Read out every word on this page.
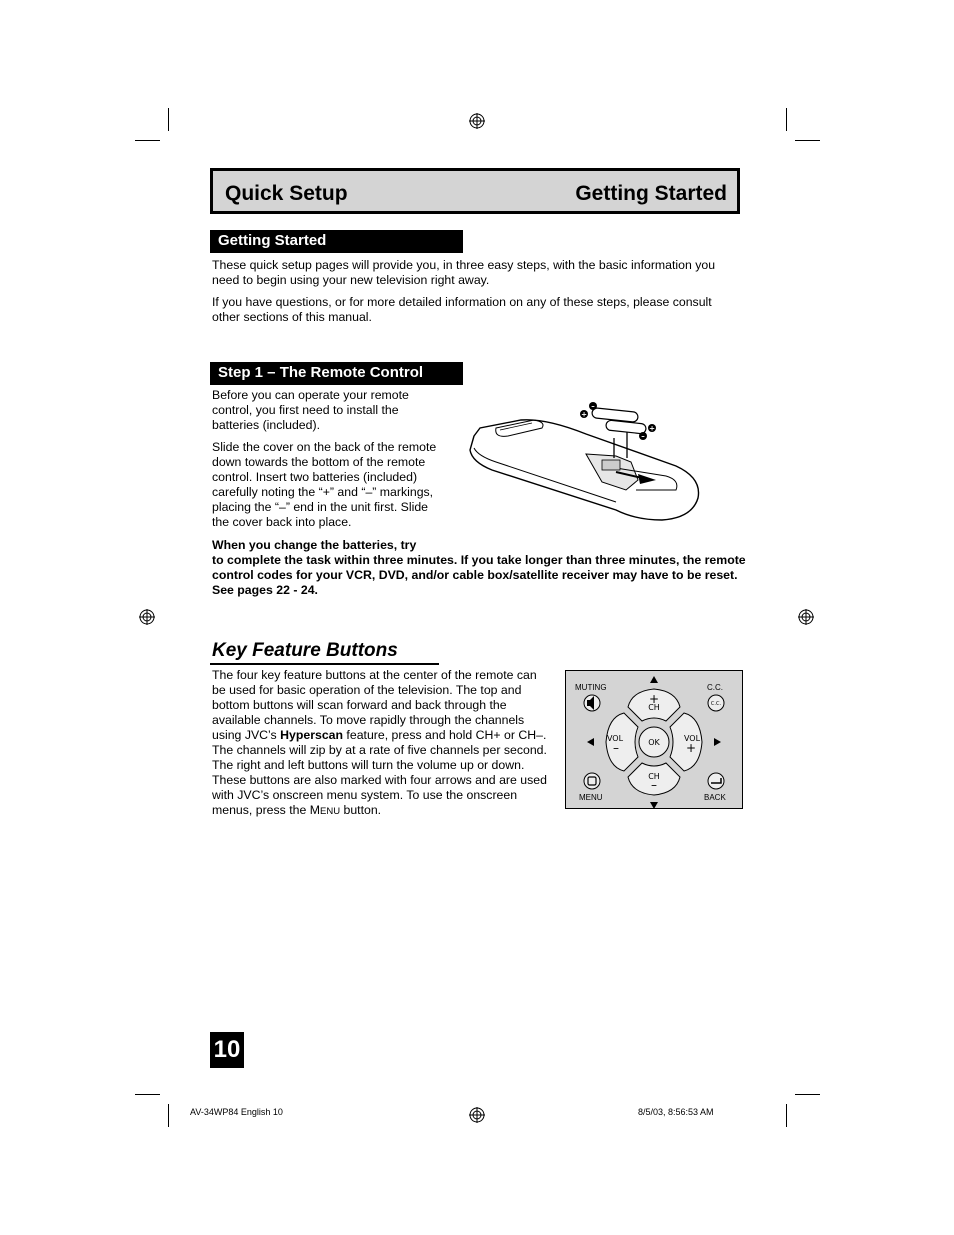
Quick Setup	Getting Started
Getting Started

These quick setup pages will provide you, in three easy steps, with the basic information you need to begin using your new television right away.

If you have questions, or for more detailed information on any of these steps, please consult other sections of this manual.

Step 1 – The Remote Control

Before you can operate your remote control, you first need to install the batteries (included).

Slide the cover on the back of the remote down towards the bottom of the remote control. Insert two batteries (included) carefully noting the “+” and “–” markings, placing the “–” end in the unit first. Slide the cover back into place.

+
–
+
–
When you change the batteries, try
to complete the task within three minutes. If you take longer than three minutes, the remote control codes for your VCR, DVD, and/or cable box/satellite receiver may have to be reset. See pages 22 - 24.
Key Feature Buttons
The four key feature buttons at the center of the remote can be used for basic operation of the television. The top and bottom buttons will scan forward and back through the available channels. To move rapidly through the channels using JVC’s Hyperscan feature, press and hold CH+ or CH–. The channels will zip by at a rate of five channels per second. The right and left buttons will turn the volume up or down. These buttons are also marked with four arrows and are used with JVC’s onscreen menu system. To use the onscreen menus, press the MENU button.
MUTING	C.C.
MENU	BACK
+
CH
CH
–
VOL
–
VOL
+
OK
C.C.
10
AV-34WP84 English 10	8/5/03, 8:56:53 AM
